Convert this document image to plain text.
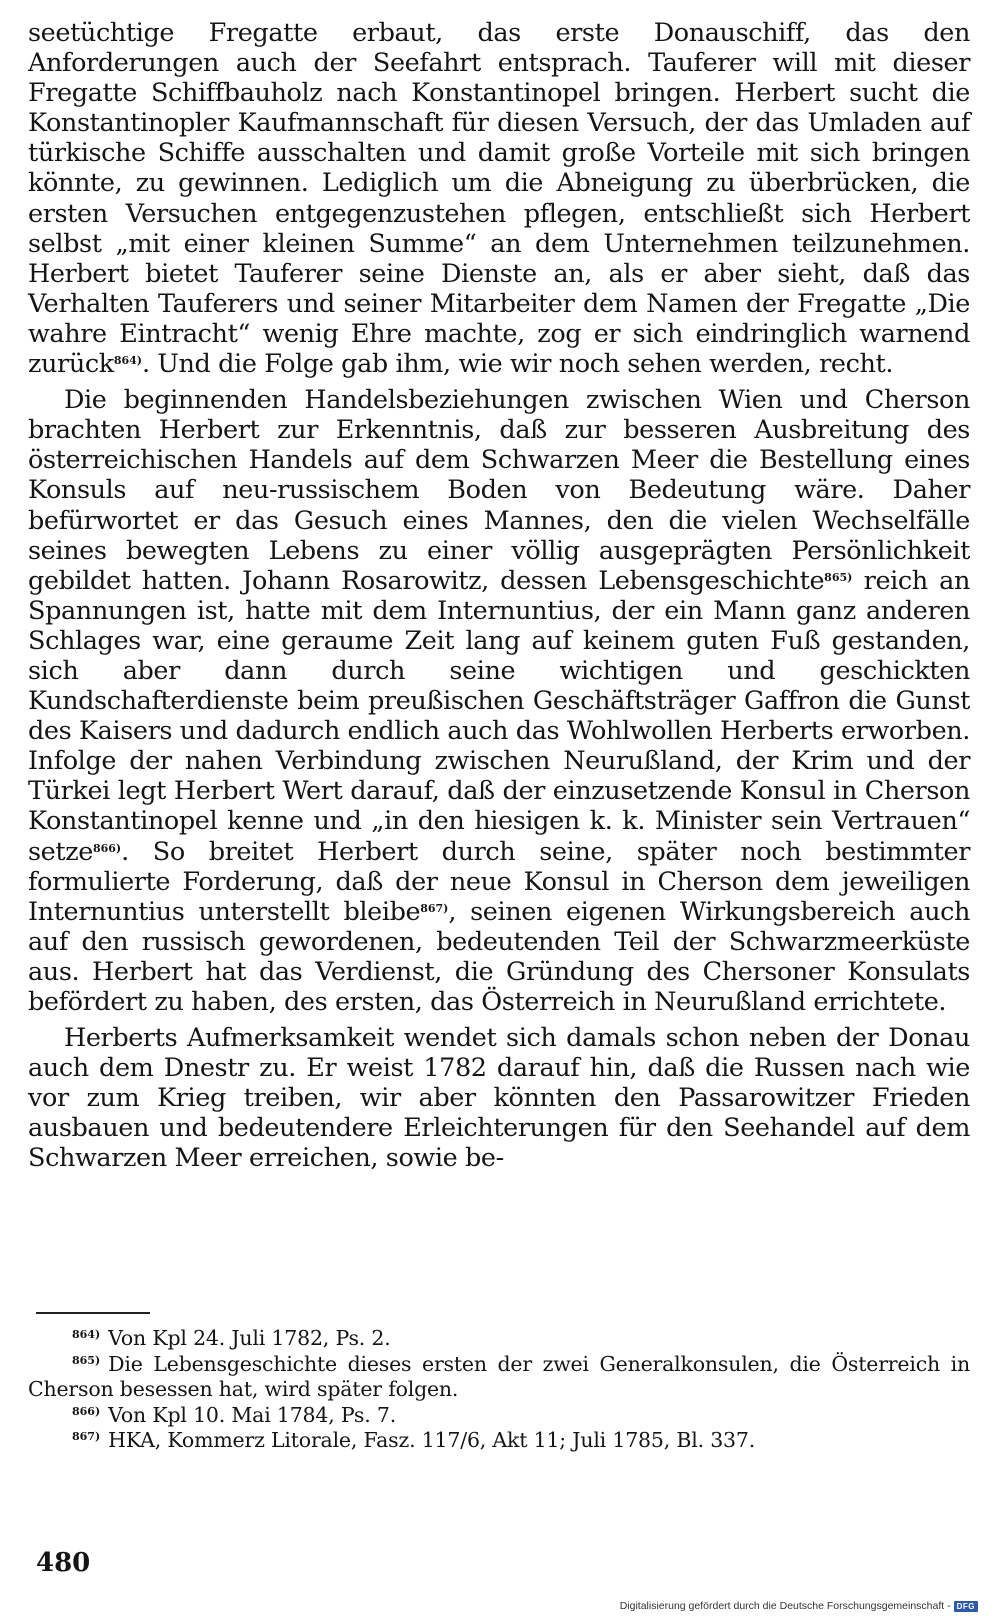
seetüchtige Fregatte erbaut, das erste Donauschiff, das den Anforderungen auch der Seefahrt entsprach. Tauferer will mit dieser Fregatte Schiffbauholz nach Konstantinopel bringen. Herbert sucht die Konstantinopler Kaufmannschaft für diesen Versuch, der das Umladen auf türkische Schiffe ausschalten und damit große Vorteile mit sich bringen könnte, zu gewinnen. Lediglich um die Abneigung zu überbrücken, die ersten Versuchen entgegenzustehen pflegen, entschließt sich Herbert selbst „mit einer kleinen Summe“ an dem Unternehmen teilzunehmen. Herbert bietet Tauferer seine Dienste an, als er aber sieht, daß das Verhalten Tauferers und seiner Mitarbeiter dem Namen der Fregatte „Die wahre Eintracht“ wenig Ehre machte, zog er sich eindringlich warnend zurück$^{864)}$. Und die Folge gab ihm, wie wir noch sehen werden, recht.

Die beginnenden Handelsbeziehungen zwischen Wien und Cherson brachten Herbert zur Erkenntnis, daß zur besseren Ausbreitung des österreichischen Handels auf dem Schwarzen Meer die Bestellung eines Konsuls auf neu-russischem Boden von Bedeutung wäre. Daher befürwortet er das Gesuch eines Mannes, den die vielen Wechselfälle seines bewegten Lebens zu einer völlig ausgeprägten Persönlichkeit gebildet hatten. Johann Rosarowitz, dessen Lebensgeschichte$^{865)}$ reich an Spannungen ist, hatte mit dem Internuntius, der ein Mann ganz anderen Schlages war, eine geraume Zeit lang auf keinem guten Fuß gestanden, sich aber dann durch seine wichtigen und geschickten Kundschafterdienste beim preußischen Geschäftsträger Gaffron die Gunst des Kaisers und dadurch endlich auch das Wohlwollen Herberts erworben. Infolge der nahen Verbindung zwischen Neurußland, der Krim und der Türkei legt Herbert Wert darauf, daß der einzusetzende Konsul in Cherson Konstantinopel kenne und „in den hiesigen k. k. Minister sein Vertrauen“ setze$^{866)}$. So breitet Herbert durch seine, später noch bestimmter formulierte Forderung, daß der neue Konsul in Cherson dem jeweiligen Internuntius unterstellt bleibe$^{867)}$, seinen eigenen Wirkungsbereich auch auf den russisch gewordenen, bedeutenden Teil der Schwarzmeerküste aus. Herbert hat das Verdienst, die Gründung des Chersoner Konsulats befördert zu haben, des ersten, das Österreich in Neurußland errichtete.

Herberts Aufmerksamkeit wendet sich damals schon neben der Donau auch dem Dnestr zu. Er weist 1782 darauf hin, daß die Russen nach wie vor zum Krieg treiben, wir aber könnten den Passarowitzer Frieden ausbauen und bedeutendere Erleichterungen für den Seehandel auf dem Schwarzen Meer erreichen, sowie be-

864) Von Kpl 24. Juli 1782, Ps. 2.
865) Die Lebensgeschichte dieses ersten der zwei Generalkonsulen, die Österreich in Cherson besessen hat, wird später folgen.
866) Von Kpl 10. Mai 1784, Ps. 7.
867) HKA, Kommerz Litorale, Fasz. 117/6, Akt 11; Juli 1785, Bl. 337.
480
Digitalisierung gefördert durch die Deutsche Forschungsgemeinschaft - DFG
